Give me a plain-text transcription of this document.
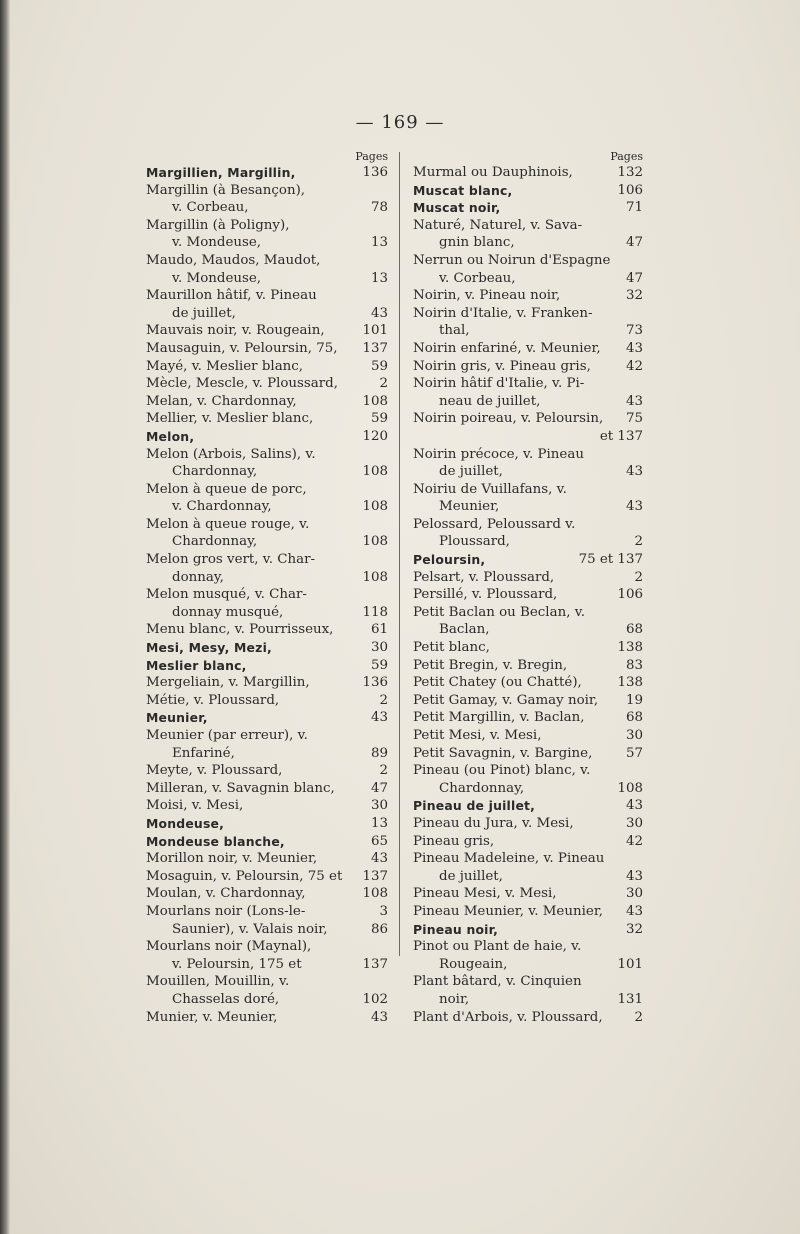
— 169 —
Pages
Margillien, Margillin,	136
Margillin (à Besançon),
v. Corbeau,	78
Margillin (à Poligny),
v. Mondeuse,	13
Maudo, Maudos, Maudot,
v. Mondeuse,	13
Maurillon hâtif, v. Pineau
de juillet,	43
Mauvais noir, v. Rougeain,	101
Mausaguin, v. Peloursin, 75, 137
Mayé, v. Meslier blanc,	59
Mècle, Mescle, v. Ploussard,	2
Melan, v. Chardonnay,	108
Mellier, v. Meslier blanc,	59
Melon,	120
Melon (Arbois, Salins), v.
Chardonnay,	108
Melon à queue de porc,
v. Chardonnay,	108
Melon à queue rouge, v.
Chardonnay,	108
Melon gros vert, v. Char-
donnay,	108
Melon musqué, v. Char-
donnay musqué,	118
Menu blanc, v. Pourrisseux,	61
Mesi, Mesy, Mezi,	30
Meslier blanc,	59
Mergeliain, v. Margillin,	136
Métie, v. Ploussard,	2
Meunier,	43
Meunier (par erreur), v.
Enfariné,	89
Meyte, v. Ploussard,	2
Milleran, v. Savagnin blanc,	47
Moisi, v. Mesi,	30
Mondeuse,	13
Mondeuse blanche,	65
Morillon noir, v. Meunier,	43
Mosaguin, v. Peloursin, 75 et 137
Moulan, v. Chardonnay,	108
Mourlans noir (Lons-le-	3
Saunier), v. Valais noir,	86
Mourlans noir (Maynal),
v. Peloursin, 175 et	137
Mouillen, Mouillin, v.
Chasselas doré,	102
Munier, v. Meunier,	43
Pages
Murmal ou Dauphinois,	132
Muscat blanc,	106
Muscat noir,	71
Naturé, Naturel, v. Sava-
gnin blanc,	47
Nerrun ou Noirun d'Espagne
v. Corbeau,	47
Noirin, v. Pineau noir,	32
Noirin d'Italie, v. Franken-
thal,	73
Noirin enfariné, v. Meunier, 43
Noirin gris, v. Pineau gris,	42
Noirin hâtif d'Italie, v. Pi-
neau de juillet,	43
Noirin poireau, v. Peloursin, 75
et 137
Noirin précoce, v. Pineau
de juillet,	43
Noiriu de Vuillafans, v.
Meunier,	43
Pelossard, Peloussard v.
Ploussard,	2
Peloursin,	75 et 137
Pelsart, v. Ploussard,	2
Persillé, v. Ploussard,	106
Petit Baclan ou Beclan, v.
Baclan,	68
Petit blanc,	138
Petit Bregin, v. Bregin,	83
Petit Chatey (ou Chatté),	138
Petit Gamay, v. Gamay noir, 19
Petit Margillin, v. Baclan,	68
Petit Mesi, v. Mesi,	30
Petit Savagnin, v. Bargine,	57
Pineau (ou Pinot) blanc, v.
Chardonnay,	108
Pineau de juillet,	43
Pineau du Jura, v. Mesi,	30
Pineau gris,	42
Pineau Madeleine, v. Pineau
de juillet,	43
Pineau Mesi, v. Mesi,	30
Pineau Meunier, v. Meunier, 43
Pineau noir,	32
Pinot ou Plant de haie, v.
Rougeain,	101
Plant bâtard, v. Cinquien
noir,	131
Plant d'Arbois, v. Ploussard, 2
